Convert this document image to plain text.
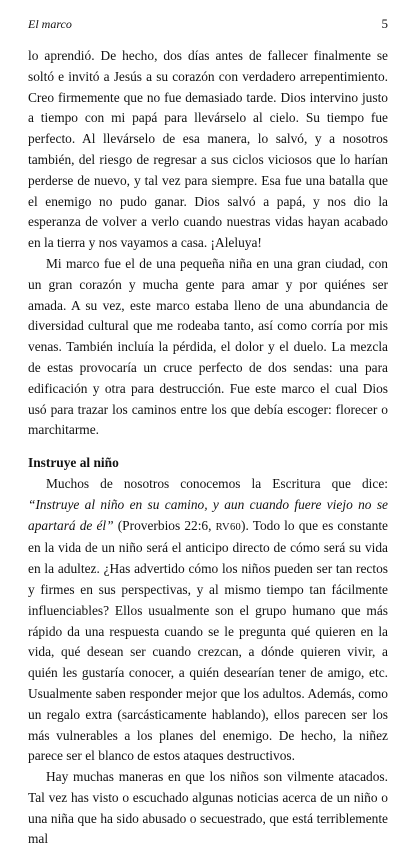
El marco	5

lo aprendió. De hecho, dos días antes de fallecer finalmente se soltó e invitó a Jesús a su corazón con verdadero arrepentimiento. Creo firmemente que no fue demasiado tarde. Dios intervino justo a tiempo con mi papá para llevárselo al cielo. Su tiempo fue perfecto. Al llevárselo de esa manera, lo salvó, y a nosotros también, del riesgo de regresar a sus ciclos viciosos que lo harían perderse de nuevo, y tal vez para siempre. Esa fue una batalla que el enemigo no pudo ganar. Dios salvó a papá, y nos dio la esperanza de volver a verlo cuando nuestras vidas hayan acabado en la tierra y nos vayamos a casa. ¡Aleluya!

Mi marco fue el de una pequeña niña en una gran ciudad, con un gran corazón y mucha gente para amar y por quiénes ser amada. A su vez, este marco estaba lleno de una abundancia de diversidad cultural que me rodeaba tanto, así como corría por mis venas. También incluía la pérdida, el dolor y el duelo. La mezcla de estas provocaría un cruce perfecto de dos sendas: una para edificación y otra para destrucción. Fue este marco el cual Dios usó para trazar los caminos entre los que debía escoger: florecer o marchitarme.

Instruye al niño

Muchos de nosotros conocemos la Escritura que dice: “Instruye al niño en su camino, y aun cuando fuere viejo no se apartará de él” (Proverbios 22:6, RV60). Todo lo que es constante en la vida de un niño será el anticipo directo de cómo será su vida en la adultez. ¿Has advertido cómo los niños pueden ser tan rectos y firmes en sus perspectivas, y al mismo tiempo tan fácilmente influenciables? Ellos usualmente son el grupo humano que más rápido da una respuesta cuando se le pregunta qué quieren en la vida, qué desean ser cuando crezcan, a dónde quieren vivir, a quién les gustaría conocer, a quién desearían tener de amigo, etc. Usualmente saben responder mejor que los adultos. Además, como un regalo extra (sarcásticamente hablando), ellos parecen ser los más vulnerables a los planes del enemigo. De hecho, la niñez parece ser el blanco de estos ataques destructivos.

Hay muchas maneras en que los niños son vilmente atacados. Tal vez has visto o escuchado algunas noticias acerca de un niño o una niña que ha sido abusado o secuestrado, que está terriblemente mal
